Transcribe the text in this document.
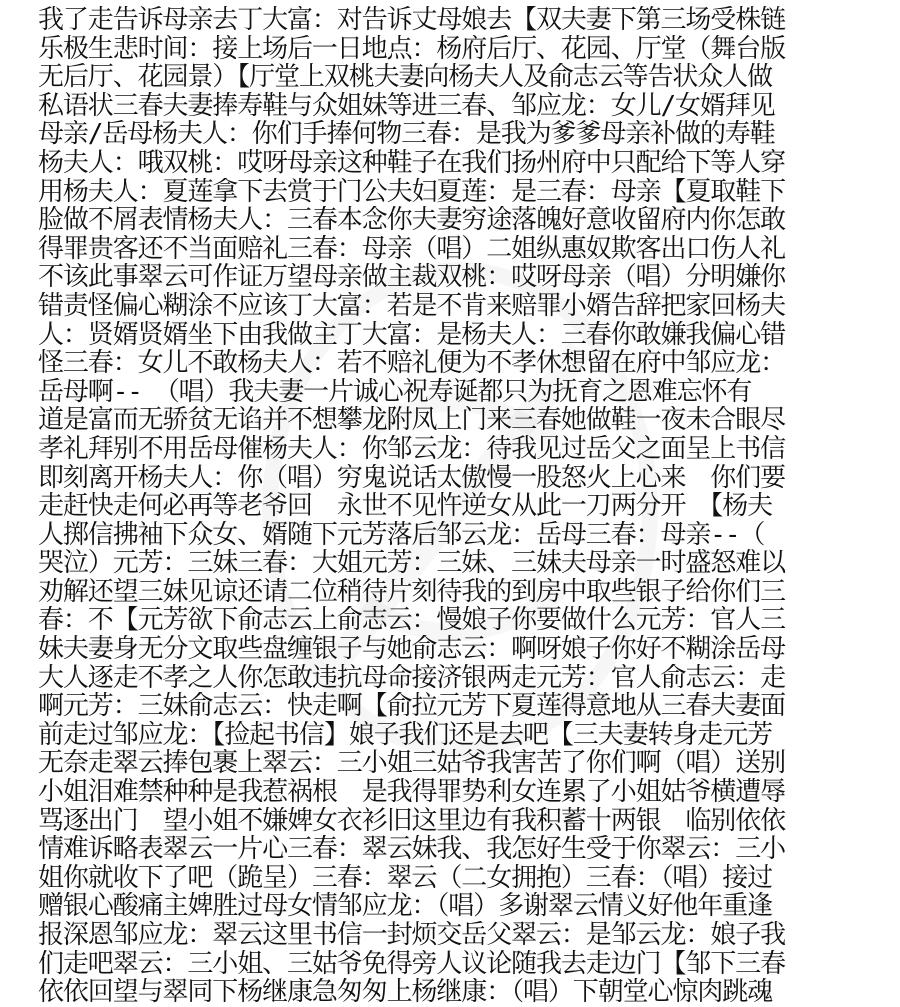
我了走告诉母亲去丁大富：对告诉丈母娘去【双夫妻下第三场受株链
乐极生悲时间：接上场后一日地点：杨府后厅、花园、厅堂（舞台版
无后厅、花园景）【厅堂上双桃夫妻向杨夫人及俞志云等告状众人做
私语状三春夫妻捧寿鞋与众姐妹等进三春、邹应龙：女儿/女婿拜见
母亲/岳母杨夫人：你们手捧何物三春：是我为爹爹母亲补做的寿鞋
杨夫人：哦双桃：哎呀母亲这种鞋子在我们扬州府中只配给下等人穿
用杨夫人：夏莲拿下去赏于门公夫妇夏莲：是三春：母亲【夏取鞋下
脸做不屑表情杨夫人：三春本念你夫妻穷途落魄好意收留府内你怎敢
得罪贵客还不当面赔礼三春：母亲（唱）二姐纵惠奴欺客出口伤人礼
不该此事翠云可作证万望母亲做主裁双桃：哎呀母亲（唱）分明嫌你
错责怪偏心糊涂不应该丁大富：若是不肯来赔罪小婿告辞把家回杨夫
人：贤婿贤婿坐下由我做主丁大富：是杨夫人：三春你敢嫌我偏心错
怪三春：女儿不敢杨夫人：若不赔礼便为不孝休想留在府中邹应龙：
岳母啊--　（唱）我夫妻一片诚心祝寿诞都只为抚育之恩难忘怀有
道是富而无骄贫无谄并不想攀龙附凤上门来三春她做鞋一夜未合眼尽
孝礼拜别不用岳母催杨夫人：你邹云龙：待我见过岳父之面呈上书信
即刻离开杨夫人：你（唱）穷鬼说话太傲慢一股怒火上心来　你们要
走赶快走何必再等老爷回　永世不见忤逆女从此一刀两分开　【杨夫
人掷信拂袖下众女、婿随下元芳落后邹云龙：岳母三春：母亲--（
哭泣）元芳：三妹三春：大姐元芳：三妹、三妹夫母亲一时盛怒难以
劝解还望三妹见谅还请二位稍待片刻待我的到房中取些银子给你们三
春：不【元芳欲下俞志云上俞志云：慢娘子你要做什么元芳：官人三
妹夫妻身无分文取些盘缠银子与她俞志云：啊呀娘子你好不糊涂岳母
大人逐走不孝之人你怎敢违抗母命接济银两走元芳：官人俞志云：走
啊元芳：三妹俞志云：快走啊【俞拉元芳下夏莲得意地从三春夫妻面
前走过邹应龙：【捡起书信】娘子我们还是去吧【三夫妻转身走元芳
无奈走翠云捧包裹上翠云：三小姐三姑爷我害苦了你们啊（唱）送别
小姐泪难禁种种是我惹祸根　是我得罪势利女连累了小姐姑爷横遭辱
骂逐出门　望小姐不嫌婢女衣衫旧这里边有我积蓄十两银　临别依依
情难诉略表翠云一片心三春：翠云妹我、我怎好生受于你翠云：三小
姐你就收下了吧（跪呈）三春：翠云（二女拥抱）三春：（唱）接过
赠银心酸痛主婢胜过母女情邹应龙：（唱）多谢翠云情义好他年重逢
报深恩邹应龙：翠云这里书信一封烦交岳父翠云：是邹云龙：娘子我
们走吧翠云：三小姐、三姑爷免得旁人议论随我去走边门【邹下三春
依依回望与翠同下杨继康急匆匆上杨继康：（唱）下朝堂心惊肉跳魂
